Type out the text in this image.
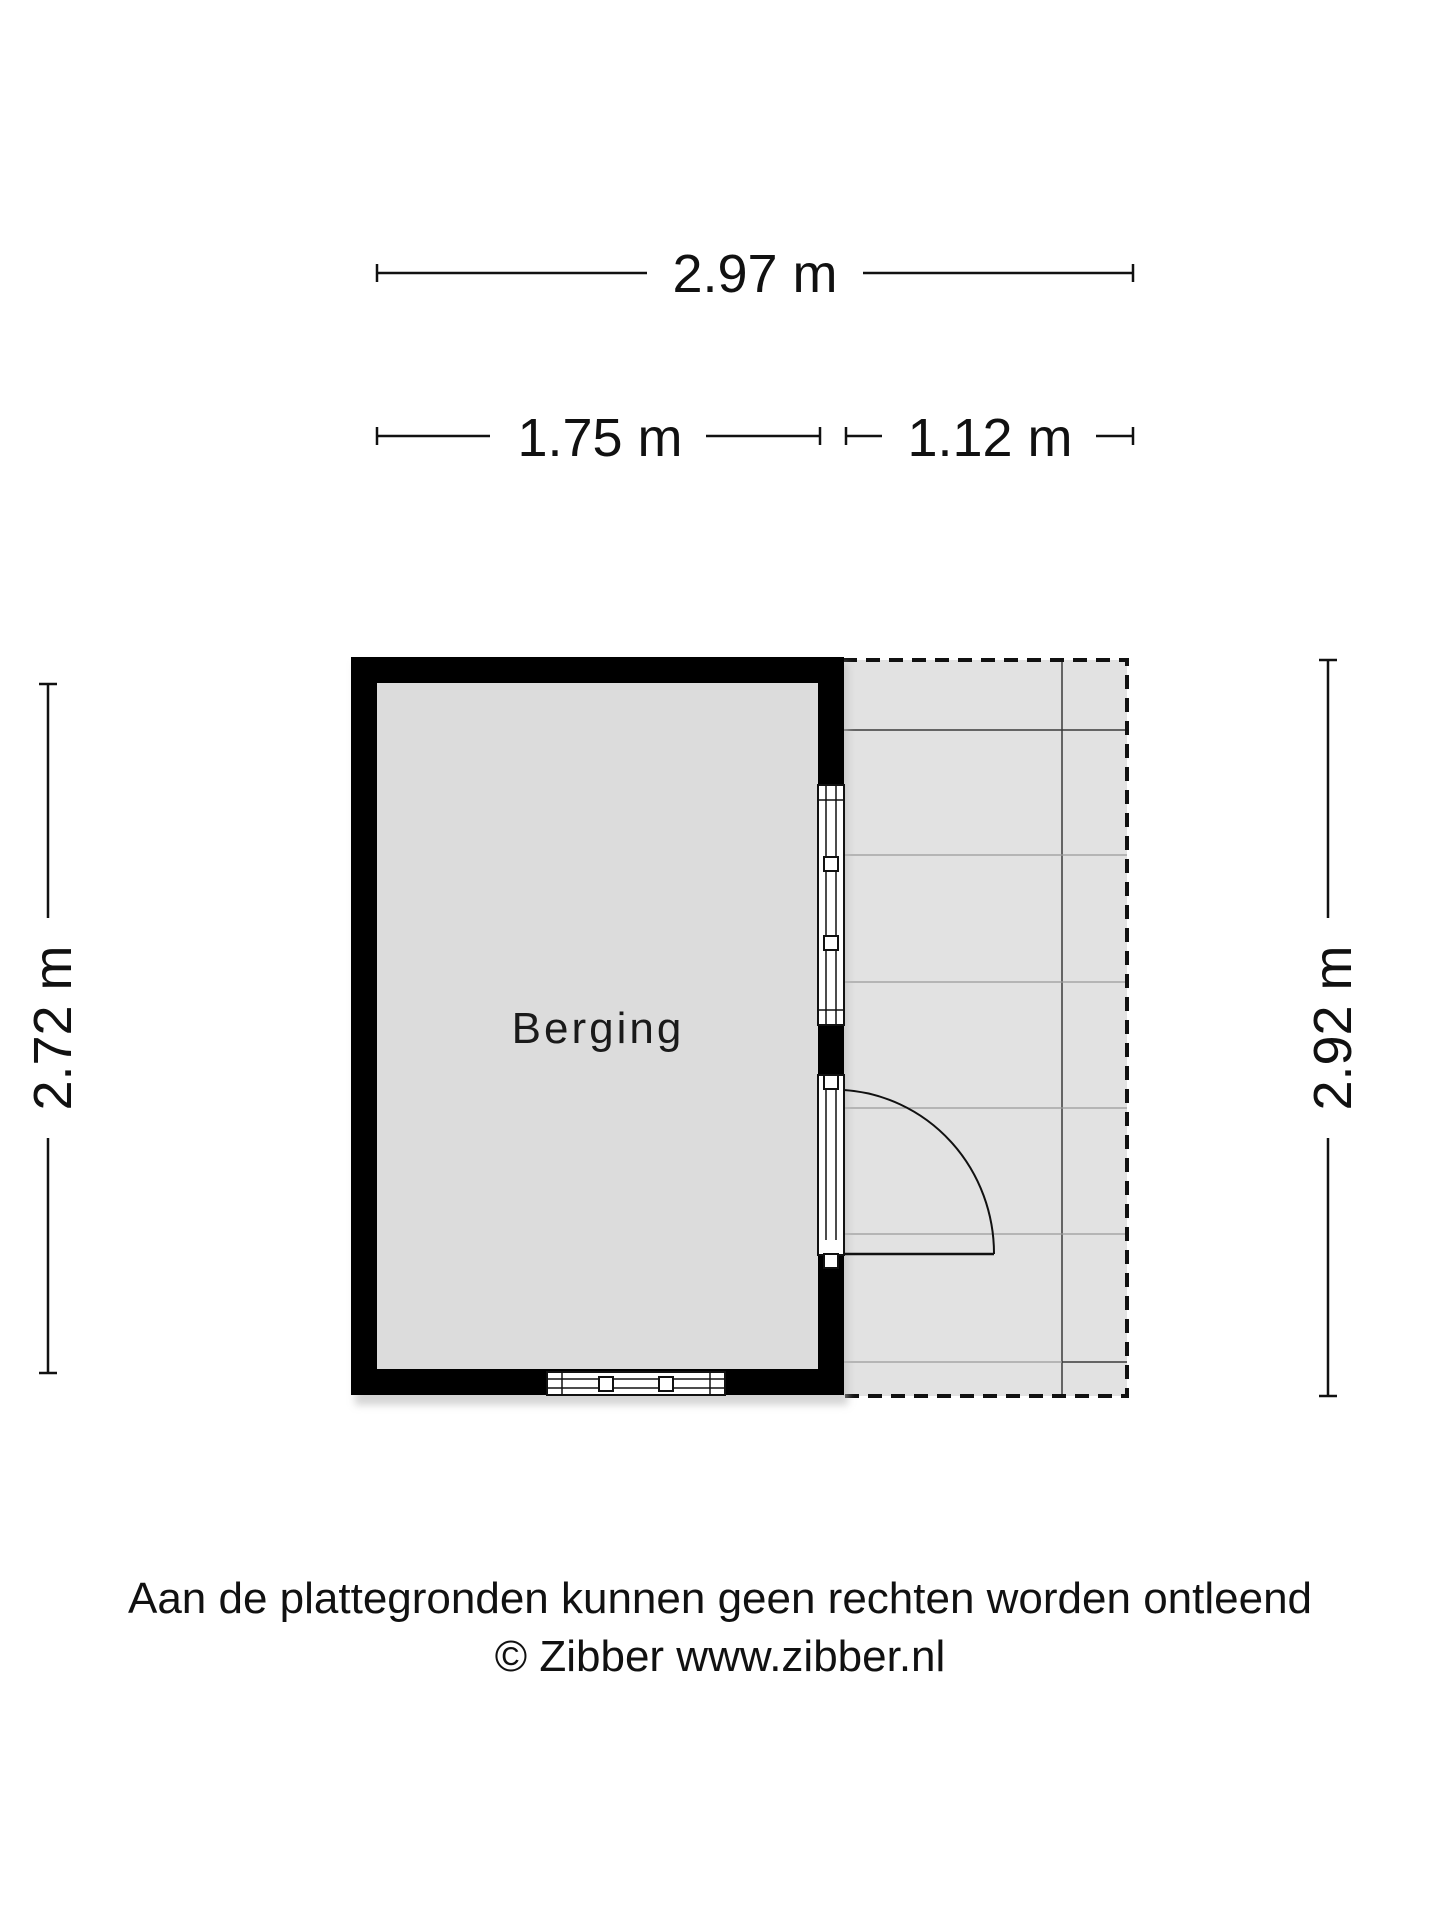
2.97 m
1.75 m	1.12 m
2.72 m	2.92 m
Berging
Aan de plattegronden kunnen geen rechten worden ontleend
© Zibber www.zibber.nl
